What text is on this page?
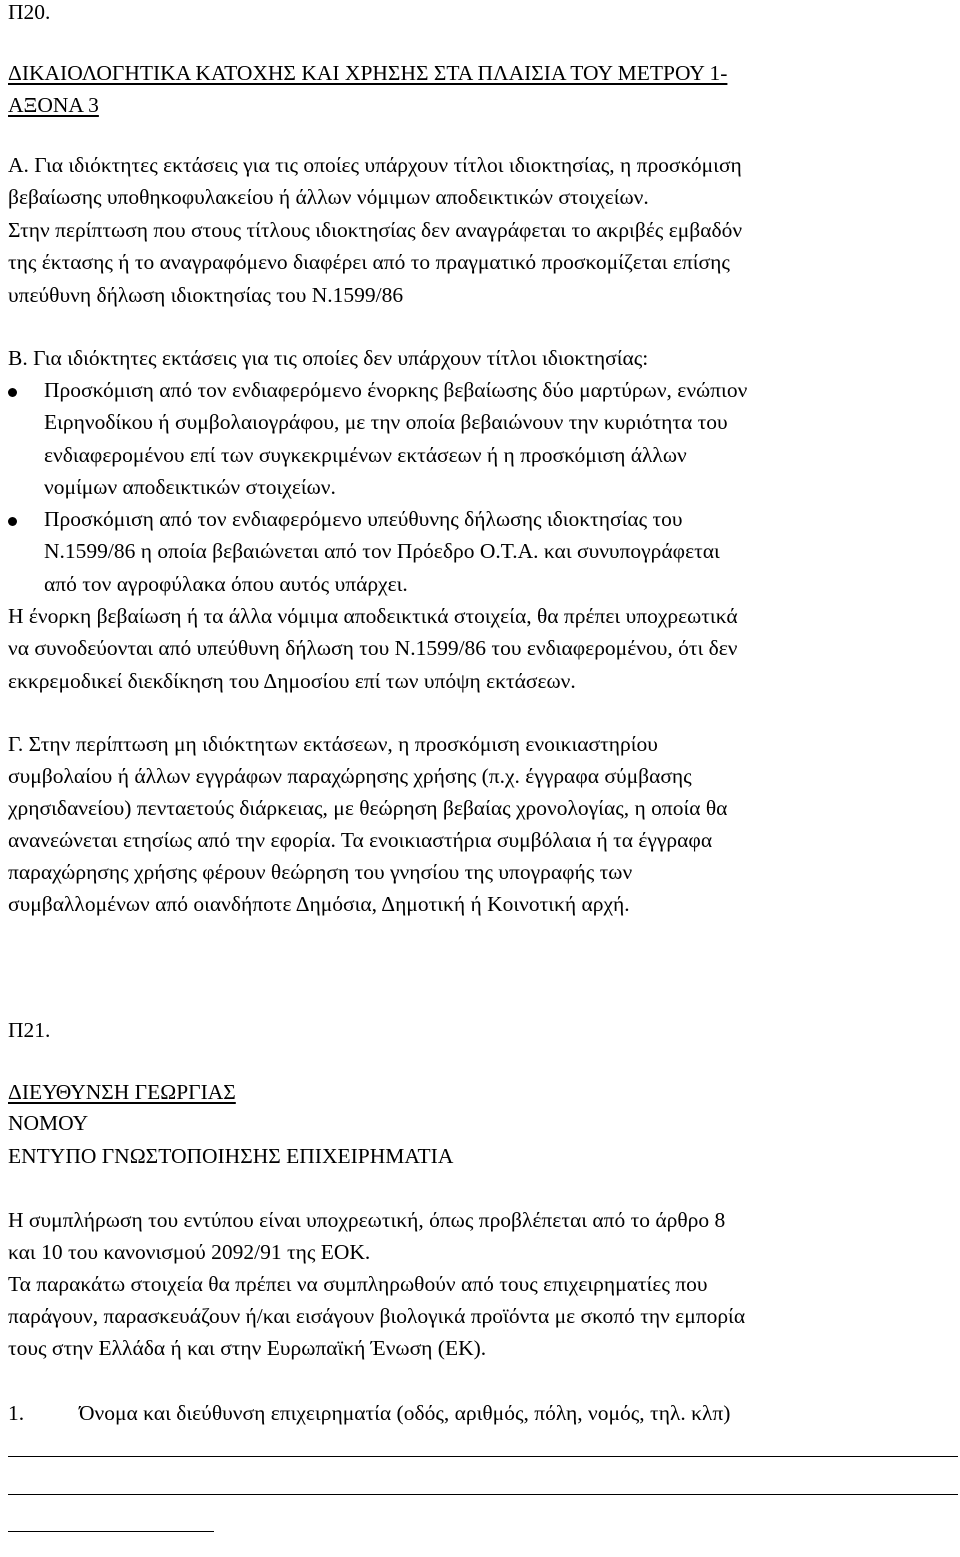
Π20.
ΔΙΚΑΙΟΛΟΓΗΤΙΚΑ ΚΑΤΟΧΗΣ ΚΑΙ ΧΡΗΣΗΣ ΣΤΑ ΠΛΑΙΣΙΑ ΤΟΥ ΜΕΤΡΟΥ 1-
ΑΞΟΝΑ 3
Α. Για ιδιόκτητες εκτάσεις για τις οποίες υπάρχουν τίτλοι ιδιοκτησίας, η προσκόμιση
βεβαίωσης υποθηκοφυλακείου ή άλλων νόμιμων αποδεικτικών στοιχείων.
Στην περίπτωση που στους τίτλους ιδιοκτησίας δεν αναγράφεται το ακριβές εμβαδόν
της έκτασης ή το αναγραφόμενο διαφέρει από το πραγματικό προσκομίζεται επίσης
υπεύθυνη δήλωση ιδιοκτησίας του Ν.1599/86
Β. Για ιδιόκτητες εκτάσεις για τις οποίες δεν υπάρχουν τίτλοι ιδιοκτησίας:
Προσκόμιση από τον ενδιαφερόμενο ένορκης βεβαίωσης δύο μαρτύρων, ενώπιον
Ειρηνοδίκου ή συμβολαιογράφου, με την οποία βεβαιώνουν την κυριότητα του
ενδιαφερομένου επί των συγκεκριμένων εκτάσεων ή η προσκόμιση άλλων
νομίμων αποδεικτικών στοιχείων.
Προσκόμιση από τον ενδιαφερόμενο υπεύθυνης δήλωσης ιδιοκτησίας του
Ν.1599/86 η οποία βεβαιώνεται από τον Πρόεδρο Ο.Τ.Α. και συνυπογράφεται
από τον αγροφύλακα όπου αυτός υπάρχει.
Η ένορκη βεβαίωση ή τα άλλα νόμιμα αποδεικτικά στοιχεία, θα πρέπει υποχρεωτικά
να συνοδεύονται από υπεύθυνη δήλωση του Ν.1599/86 του ενδιαφερομένου, ότι δεν
εκκρεμοδικεί διεκδίκηση του Δημοσίου επί των υπόψη εκτάσεων.
Γ. Στην περίπτωση μη ιδιόκτητων εκτάσεων, η προσκόμιση ενοικιαστηρίου
συμβολαίου ή άλλων εγγράφων παραχώρησης χρήσης (π.χ. έγγραφα σύμβασης
χρησιδανείου) πενταετούς διάρκειας, με θεώρηση βεβαίας χρονολογίας, η οποία θα
ανανεώνεται ετησίως από την εφορία. Τα ενοικιαστήρια συμβόλαια ή τα έγγραφα
παραχώρησης χρήσης φέρουν θεώρηση του γνησίου της υπογραφής των
συμβαλλομένων από οιανδήποτε Δημόσια, Δημοτική ή Κοινοτική αρχή.
Π21.
ΔΙΕΥΘΥΝΣΗ ΓΕΩΡΓΙΑΣ
ΝΟΜΟΥ
ΕΝΤΥΠΟ ΓΝΩΣΤΟΠΟΙΗΣΗΣ ΕΠΙΧΕΙΡΗΜΑΤΙΑ
Η συμπλήρωση του εντύπου είναι υποχρεωτική, όπως προβλέπεται από το άρθρο 8
και 10 του κανονισμού 2092/91 της ΕΟΚ.
Τα παρακάτω στοιχεία θα πρέπει να συμπληρωθούν από τους επιχειρηματίες που
παράγουν, παρασκευάζουν ή/και εισάγουν βιολογικά προϊόντα με σκοπό την εμπορία
τους στην Ελλάδα ή και στην Ευρωπαϊκή Ένωση (ΕΚ).
1.	Όνομα και διεύθυνση επιχειρηματία (οδός, αριθμός, πόλη, νομός, τηλ. κλπ)
